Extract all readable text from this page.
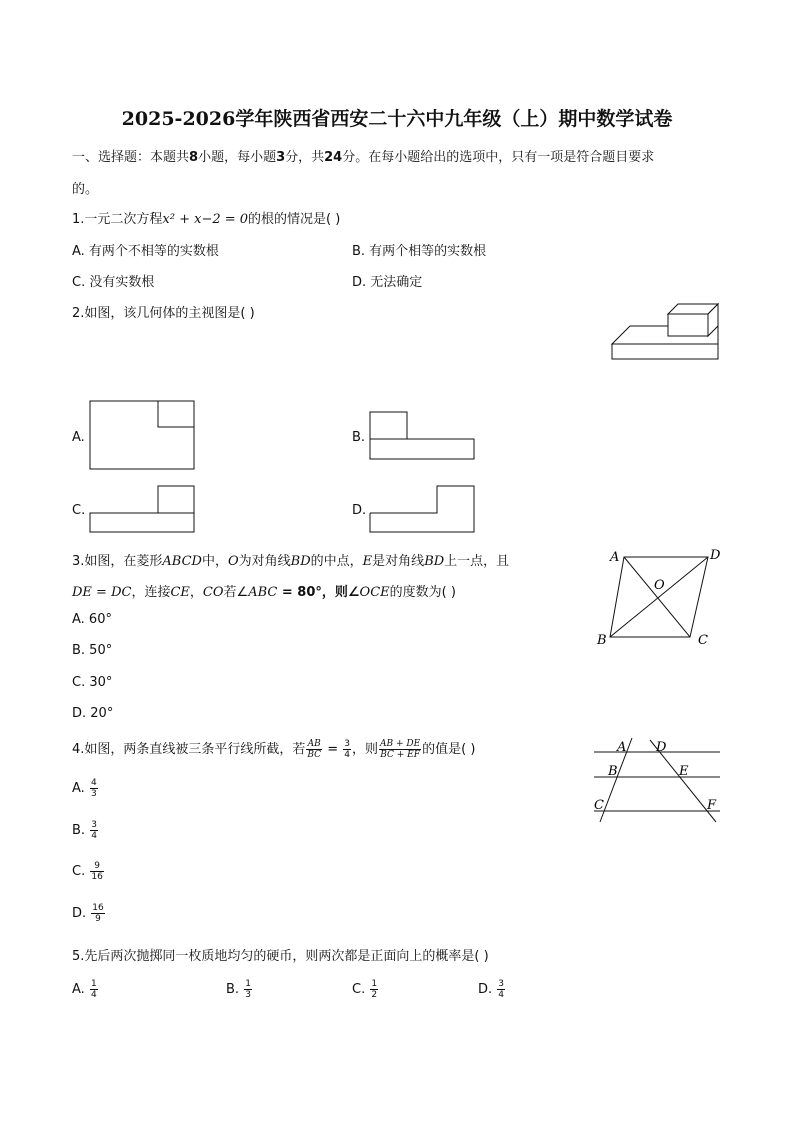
2025-2026学年陕西省西安二十六中九年级（上）期中数学试卷
一、选择题：本题共8小题，每小题3分，共24分。在每小题给出的选项中，只有一项是符合题目要求
的。
1.一元二次方程x² + x−2 = 0的根的情况是( )
A. 有两个不相等的实数根	B. 有两个相等的实数根
C. 没有实数根	D. 无法确定
2.如图，该几何体的主视图是( )
A.	B.
C.	D.
3.如图，在菱形ABCD中，O为对角线BD的中点，E是对角线BD上一点，且
DE = DC，连接CE，CO若∠ABC = 80°，则∠OCE的度数为( )
A. 60°
B. 50°
C. 30°
D. 20°
A	D
O
B	C
4.如图，两条直线被三条平行线所截，若 $\frac{AB}{BC} = \frac{3}{4}$ ，则 $\frac{AB + DE}{BC + EF}$ 的值是( )
A. $\frac{4}{3}$
B. $\frac{3}{4}$
C. $\frac{9}{16}$
D. $\frac{16}{9}$
A D
B	E
C	F
5.先后两次抛掷同一枚质地均匀的硬币，则两次都是正面向上的概率是( )
A. $\frac{1}{4}$	B. $\frac{1}{3}$	C. $\frac{1}{2}$	D. $\frac{3}{4}$
